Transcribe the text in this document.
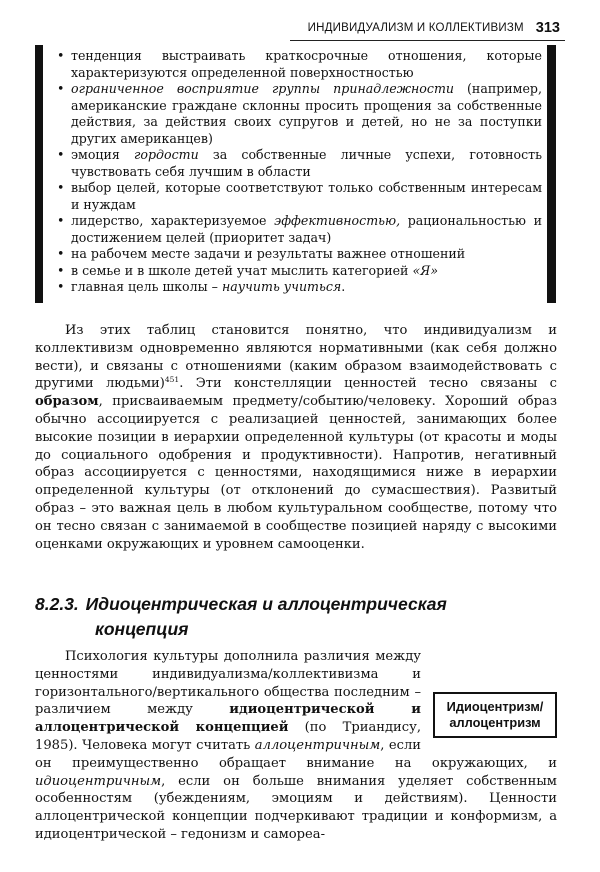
ИНДИВИДУАЛИЗМ И КОЛЛЕКТИВИЗМ 313
• тенденция выстраивать краткосрочные отношения, которые характеризуются определенной поверхностностью
• ограниченное восприятие группы принадлежности (например, американские граждане склонны просить прощения за собственные действия, за действия своих супругов и детей, но не за поступки других американцев)
• эмоция гордости за собственные личные успехи, готовность чувствовать себя лучшим в области
• выбор целей, которые соответствуют только собственным интересам и нуждам
• лидерство, характеризуемое эффективностью, рациональностью и достижением целей (приоритет задач)
• на рабочем месте задачи и результаты важнее отношений
• в семье и в школе детей учат мыслить категорией «Я»
• главная цель школы – научить учиться.

Из этих таблиц становится понятно, что индивидуализм и коллективизм одновременно являются нормативными (как себя должно вести), и связаны с отношениями (каким образом взаимодействовать с другими людьми)$^{451}$. Эти констелляции ценностей тесно связаны с образом, присваиваемым предмету/событию/человеку. Хороший образ обычно ассоциируется с реализацией ценностей, занимающих более высокие позиции в иерархии определенной культуры (от красоты и моды до социального одобрения и продуктивности). Напротив, негативный образ ассоциируется с ценностями, находящимися ниже в иерархии определенной культуры (от отклонений до сумасшествия). Развитый образ – это важная цель в любом культуральном сообществе, потому что он тесно связан с занимаемой в сообществе позицией наряду с высокими оценками окружающих и уровнем самооценки.

8.2.3. Идиоцентрическая и аллоцентрическая
концепция

Идиоцентризм/
аллоцентризм
Психология культуры дополнила различия между ценностями индивидуализма/коллективизма и горизонтального/вертикального общества последним – различием между идиоцентрической и аллоцентрической концепцией (по Триандису, 1985). Человека могут считать аллоцентричным, если он преимущественно обращает внимание на окружающих, и идиоцентричным, если он больше внимания уделяет собственным особенностям (убеждениям, эмоциям и действиям). Ценности аллоцентрической концепции подчеркивают традиции и конформизм, а идиоцентрической – гедонизм и самореа-
